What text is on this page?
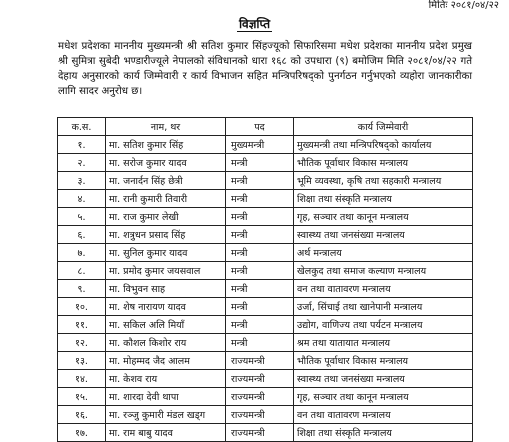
मितिः २०८१/०४/२२
विज्ञप्ति
मधेश प्रदेशका माननीय मुख्यमन्त्री श्री सतिश कुमार सिंहज्यूको सिफारिसमा मधेश प्रदेशका माननीय प्रदेश प्रमुख श्री सुमित्रा सुबेदी भण्डारीज्यूले नेपालको संविधानको धारा १६८ को उपधारा (९) बमोजिम मिति २०८१/०४/२२ गते देहाय अनुसारको कार्य जिम्मेवारी र कार्य विभाजन सहित मन्त्रिपरिषद्को पुनर्गठन गर्नुभएको व्यहोरा जानकारीका लागि सादर अनुरोध छ।
क.स.	नाम, थर	पद	कार्य जिम्मेवारी
१.	मा. सतिश कुमार सिंह	मुख्यमन्त्री	मुख्यमन्त्री तथा मन्त्रिपरिषद्को कार्यालय
२.	मा. सरोज कुमार यादव	मन्त्री	भौतिक पूर्वाधार विकास मन्त्रालय
३.	मा. जनार्दन सिंह छेत्री	मन्त्री	भूमि व्यवस्था, कृषि तथा सहकारी मन्त्रालय
४.	मा. रानी कुमारी तिवारी	मन्त्री	शिक्षा तथा संस्कृति मन्त्रालय
५.	मा. राज कुमार लेखी	मन्त्री	गृह, सञ्चार तथा कानून मन्त्रालय
६.	मा. शत्रुधन प्रसाद सिंह	मन्त्री	स्वास्थ्य तथा जनसंख्या मन्त्रालय
७.	मा. सुनिल कुमार यादव	मन्त्री	अर्थ मन्त्रालय
८.	मा. प्रमोद कुमार जयसवाल	मन्त्री	खेलकुद तथा समाज कल्याण मन्त्रालय
९.	मा. विभुवन साह	मन्त्री	वन तथा वातावरण मन्त्रालय
१०.	मा. शेष नारायण यादव	मन्त्री	उर्जा, सिंचाई तथा खानेपानी मन्त्रालय
११.	मा. सकिल अलि मियाँ	मन्त्री	उद्योग, वाणिज्य तथा पर्यटन मन्त्रालय
१२.	मा. कौशल किशोर राय	मन्त्री	श्रम तथा यातायात मन्त्रालय
१३.	मा. मोहम्मद जैद आलम	राज्यमन्त्री	भौतिक पूर्वाधार विकास मन्त्रालय
१४.	मा. केशव राय	राज्यमन्त्री	स्वास्थ्य तथा जनसंख्या मन्त्रालय
१५.	मा. शारदा देवी थापा	राज्यमन्त्री	गृह, सञ्चार तथा कानून मन्त्रालय
१६.	मा. रञ्जु कुमारी मंडल खड्ग	राज्यमन्त्री	वन तथा वातावरण मन्त्रालय
१७.	मा. राम बाबु यादव	राज्यमन्त्री	शिक्षा तथा संस्कृति मन्त्रालय
